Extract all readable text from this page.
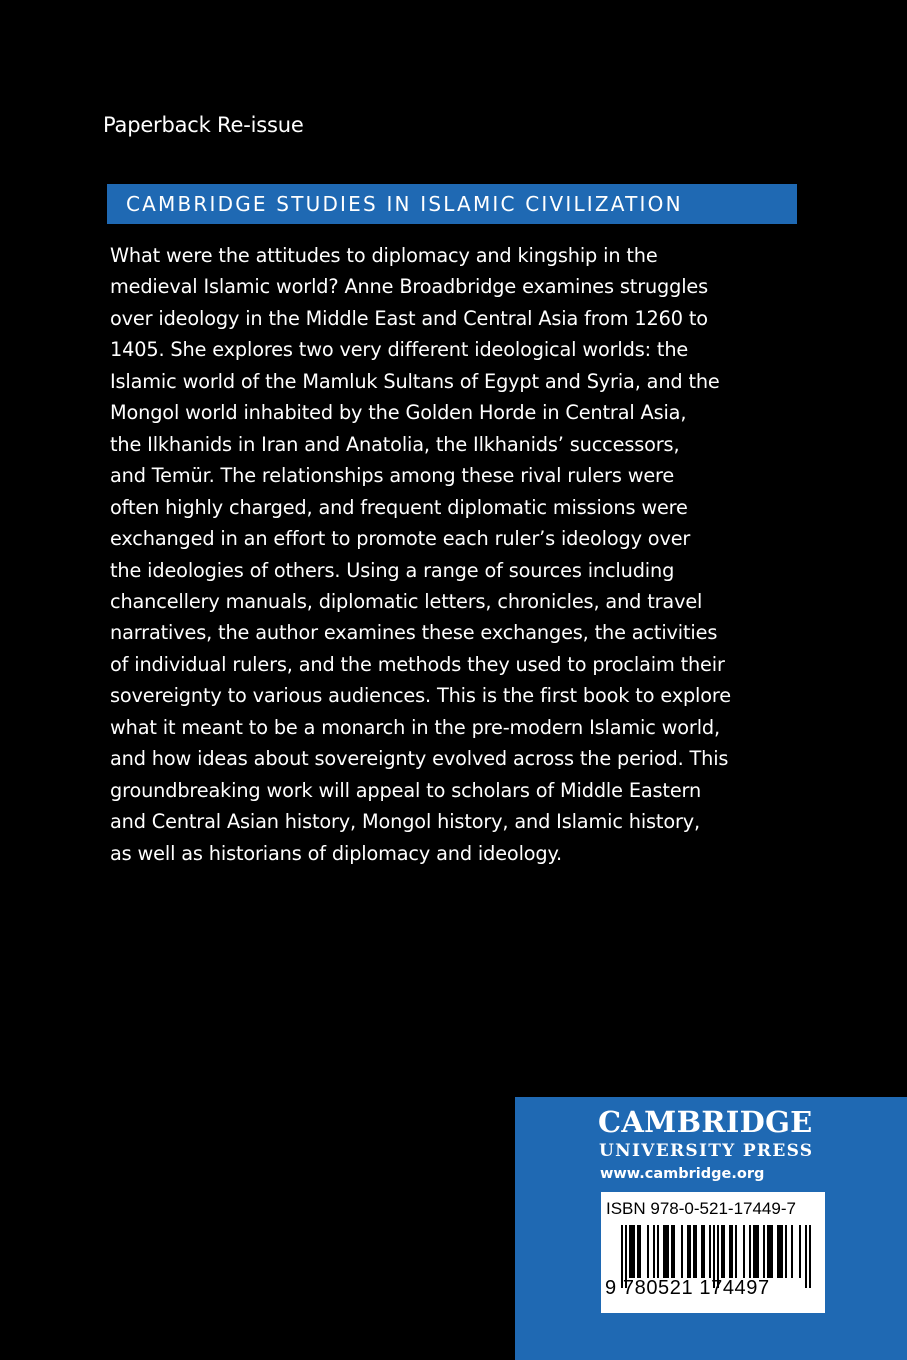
Paperback Re-issue
CAMBRIDGE STUDIES IN ISLAMIC CIVILIZATION

What were the attitudes to diplomacy and kingship in the
medieval Islamic world? Anne Broadbridge examines struggles
over ideology in the Middle East and Central Asia from 1260 to
1405. She explores two very different ideological worlds: the
Islamic world of the Mamluk Sultans of Egypt and Syria, and the
Mongol world inhabited by the Golden Horde in Central Asia,
the Ilkhanids in Iran and Anatolia, the Ilkhanids’ successors,
and Temür. The relationships among these rival rulers were
often highly charged, and frequent diplomatic missions were
exchanged in an effort to promote each ruler’s ideology over
the ideologies of others. Using a range of sources including
chancellery manuals, diplomatic letters, chronicles, and travel
narratives, the author examines these exchanges, the activities
of individual rulers, and the methods they used to proclaim their
sovereignty to various audiences. This is the first book to explore
what it meant to be a monarch in the pre-modern Islamic world,
and how ideas about sovereignty evolved across the period. This
groundbreaking work will appeal to scholars of Middle Eastern
and Central Asian history, Mongol history, and Islamic history,
as well as historians of diplomacy and ideology.

CAMBRIDGE
UNIVERSITY PRESS
www.cambridge.org
ISBN 978-0-521-17449-7
9 780521 174497
